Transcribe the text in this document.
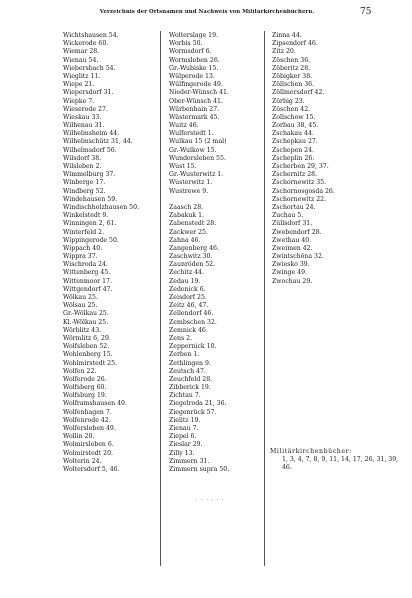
Verzeichnis der Ortsnamen und Nachweis von Militärkirchenbüchern.	75
Wichtshausen 54.
Wickerode 60.
Wiemar 28.
Wienau 54.
Wiebersbach 54.
Wieglitz 11.
Wiepe 21.
Wiepersdorf 31.
Wiepke 7.
Wieserode 27.
Wieskau 33.
Wilhenau 31.
Wilhelmsheim 44.
Wilhelmschütz 31, 44.
Wilhelmsdorf 56.
Wilsdorf 38.
Wilsleben 2.
Wimmelburg 37.
Winberge 17.
Windberg 52.
Windehausen 59.
Windischholzhausen 50.
Winkelstedt 9.
Winningen 2, 61.
Winterfeld 2.
Wippingerode 50.
Wippach 40.
Wippra 37.
Wischroda 24.
Wittenberg 45.
Wittenmoor 17.
Wittgendorf 47.
Wölkau 25.
Wölsau 25.
Gr.-Wölkau 25.
Kl.-Wölkau 25.
Wörblitz 43.
Wörmlitz 6, 29.
Wolfsleben 52.
Wohlenberg 15.
Wohlmirstedt 25.
Wolfen 22.
Wolferode 26.
Wolfsberg 60.
Wolfsburg 19.
Wolframshausen 49.
Wolfenhagen 7.
Wolfenrode 42.
Wolfersleben 49.
Wollin 20.
Wolmirsleben 6.
Wolmirstedt 20.
Wolterin 24.
Woltersdorf 5, 46.
Wolterslage 19.
Worbis 50.
Wormsdorf 6.
Wormsleben 26.
Gr.-Wubiske 15.
Wülperode 13.
Wülfingerode 49.
Nieder-Wünsch 41.
Ober-Wünsch 41.
Würbenhain 27.
Wüstermark 45.
Wuitz 46.
Wulferstedt 1.
Wulkau 15 (2 mal)
Gr.-Wulkow 15.
Wundersleben 55.
Wust 15.
Gr.-Wusterwitz 1.
Wusterwitz 1.
Wustrewe 9.
Zaasch 28.
Zabakuk 1.
Zabenstedt 28.
Zackwer 25.
Zahna 46.
Zangenberg 46.
Zaschwitz 30.
Zaunröden 52.
Zechitz 44.
Zedau 19.
Zedenick 6.
Zeisdorf 25.
Zeitz 46, 47.
Zellendorf 46.
Zembschen 32.
Zemnick 46.
Zens 2.
Zeppernick 10.
Zerben 1.
Zethlingen 9.
Zeutsch 47.
Zeuchfeld 28.
Zibberick 19.
Zichtau 7.
Ziegelroda 21, 36.
Ziegenrück 57.
Zielitz 19.
Zienau 7.
Ziepel 6.
Zieslar 29.
Zilly 13.
Zimmern 31.
Zimmern supra 50.
Zinna 44.
Zipsendorf 46.
Zitz 20.
Zöschen 36.
Zöberitz 28.
Zöbigker 38.
Zöllschen 36.
Zöllmersdorf 42.
Zörbig 23.
Zöschen 42.
Zollschow 15.
Zorbau 38, 45.
Zschakau 44.
Zschepkau 27.
Zschepen 24.
Zscheplin 26.
Zscherben 29, 37.
Zschernitz 28.
Zschornewitz 35.
Zschornosgosda 26.
Zschornewitz 22.
Zschortau 24.
Zuchau 5.
Züllsdorf 31.
Zwebendorf 28.
Zwethau 40.
Zweimen 42.
Zwintschöna 32.
Zwiesko 39.
Zwinge 49.
Zwochau 29.
Militärkirchenbücher:
1, 3, 4, 7, 8, 9, 11, 14, 17, 26, 31, 39, 46.
· · · · · ·
